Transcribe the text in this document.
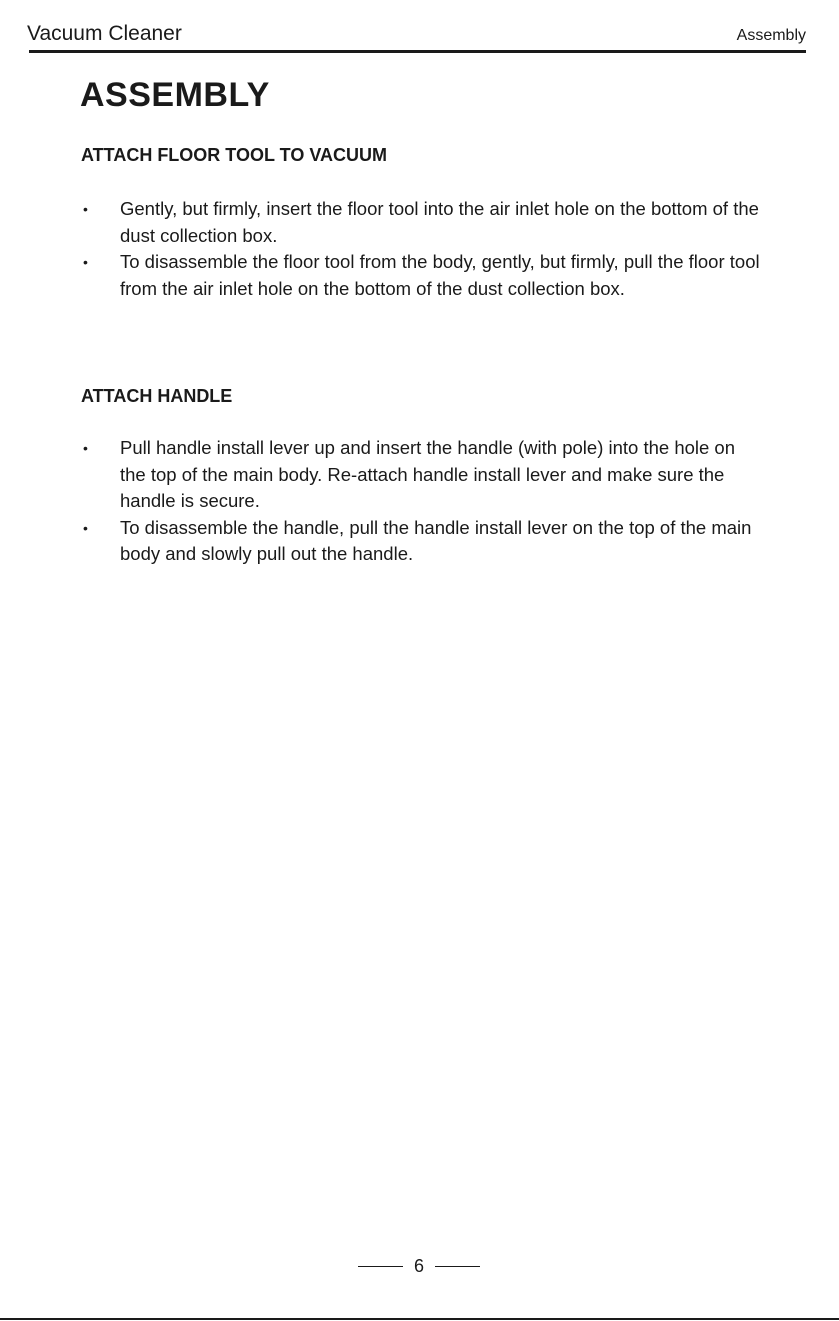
Vacuum Cleaner	Assembly
ASSEMBLY
ATTACH FLOOR TOOL TO VACUUM
• Gently, but firmly, insert the floor tool into the air inlet hole on the bottom of the dust collection box.
• To disassemble the floor tool from the body, gently, but firmly, pull the floor tool from the air inlet hole on the bottom of the dust collection box.
ATTACH HANDLE
• Pull handle install lever up and insert the handle (with pole) into the hole on the top of the main body. Re-attach handle install lever and make sure the handle is secure.
• To disassemble the handle, pull the handle install lever on the top of the main body and slowly pull out the handle.
6
